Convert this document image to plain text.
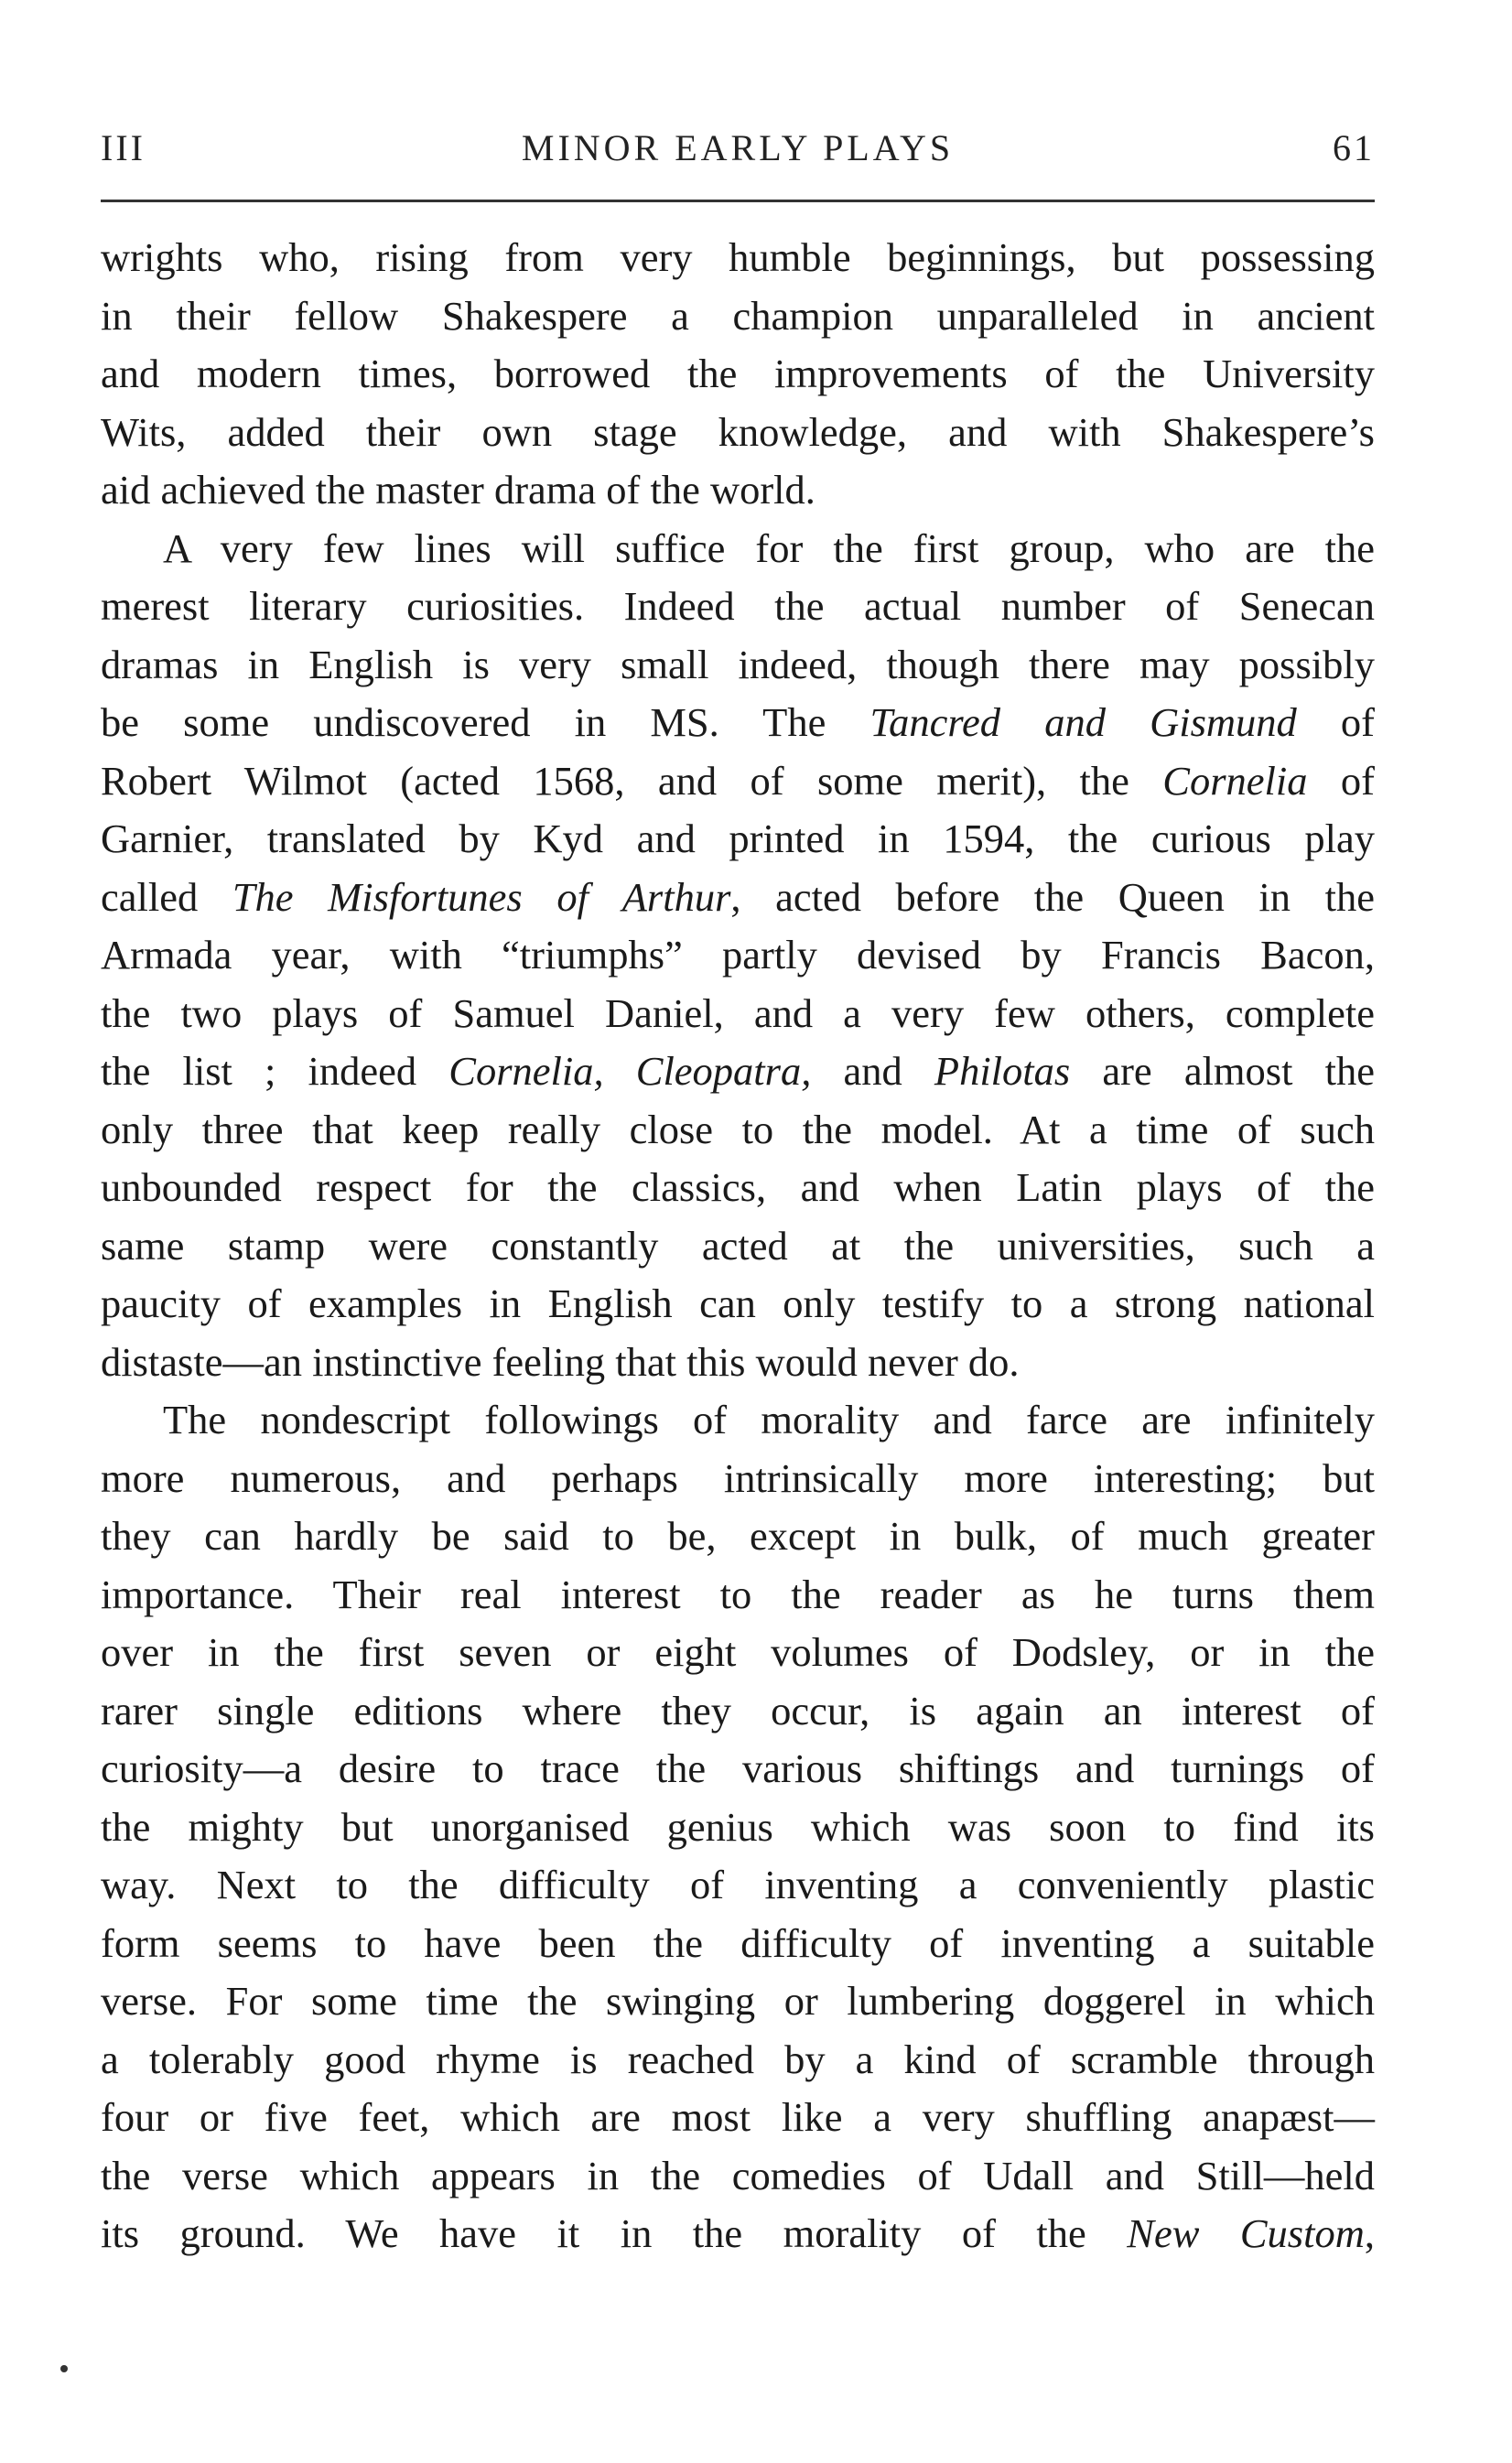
III	MINOR EARLY PLAYS	61
wrights who, rising from very humble beginnings, but possessing
in their fellow Shakespere a champion unparalleled in ancient
and modern times, borrowed the improvements of the University
Wits, added their own stage knowledge, and with Shakespere’s
aid achieved the master drama of the world.
A very few lines will suffice for the first group, who are the
merest literary curiosities. Indeed the actual number of Senecan
dramas in English is very small indeed, though there may possibly
be some undiscovered in MS. The Tancred and Gismund of
Robert Wilmot (acted 1568, and of some merit), the Cornelia of
Garnier, translated by Kyd and printed in 1594, the curious play
called The Misfortunes of Arthur, acted before the Queen in the
Armada year, with “triumphs” partly devised by Francis Bacon,
the two plays of Samuel Daniel, and a very few others, complete
the list ; indeed Cornelia, Cleopatra, and Philotas are almost the
only three that keep really close to the model. At a time of such
unbounded respect for the classics, and when Latin plays of the
same stamp were constantly acted at the universities, such a
paucity of examples in English can only testify to a strong national
distaste—an instinctive feeling that this would never do.
The nondescript followings of morality and farce are infinitely
more numerous, and perhaps intrinsically more interesting; but
they can hardly be said to be, except in bulk, of much greater
importance. Their real interest to the reader as he turns them
over in the first seven or eight volumes of Dodsley, or in the
rarer single editions where they occur, is again an interest of
curiosity—a desire to trace the various shiftings and turnings of
the mighty but unorganised genius which was soon to find its
way. Next to the difficulty of inventing a conveniently plastic
form seems to have been the difficulty of inventing a suitable
verse. For some time the swinging or lumbering doggerel in which
a tolerably good rhyme is reached by a kind of scramble through
four or five feet, which are most like a very shuffling anapæst—
the verse which appears in the comedies of Udall and Still—held
its ground. We have it in the morality of the New Custom,
